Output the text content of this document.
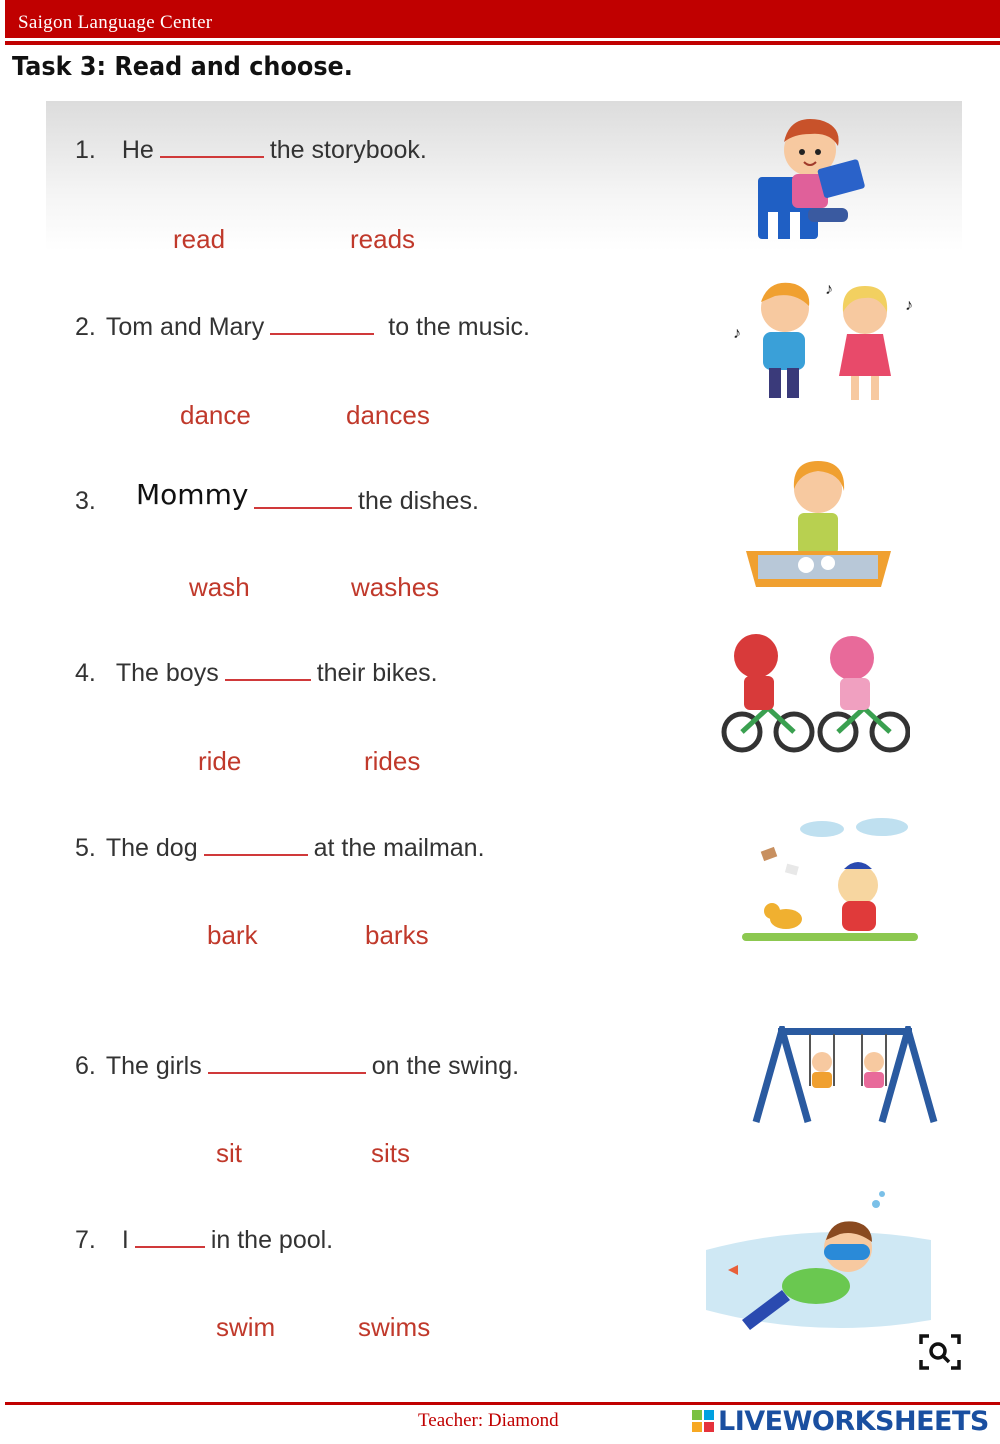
Saigon Language Center
Task 3: Read and choose.
1. He	the storybook.
read	reads
2. Tom and Mary	to the music.
dance	dances
♪
♪
♪
3. Mommy	the dishes.
wash	washes
4. The boys	their bikes.
ride	rides
5. The dog	at the mailman.
bark	barks
6. The girls	on the swing.
sit	sits
7. I	in the pool.
swim	swims
Teacher: Diamond	LIVEWORKSHEETS
